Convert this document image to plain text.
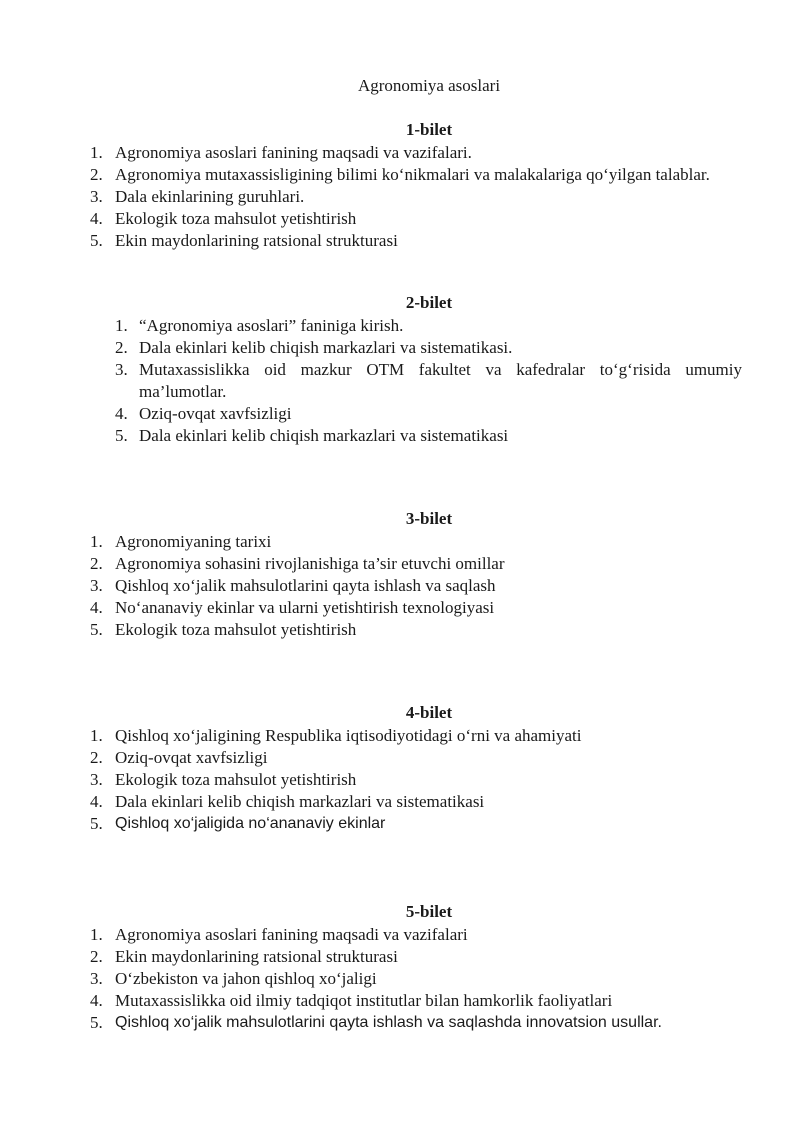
Agronomiya asoslari
1-bilet
1. Agronomiya asoslari fanining maqsadi va vazifalari.
2. Agronomiya mutaxassisligining bilimi ko‘nikmalari va malakalariga qo‘yilgan talablar.
3. Dala ekinlarining guruhlari.
4. Ekologik toza mahsulot yetishtirish
5. Ekin maydonlarining ratsional strukturasi
2-bilet
1. “Agronomiya asoslari” faniniga kirish.
2. Dala ekinlari kelib chiqish markazlari va sistematikasi.
3. Mutaxassislikka oid mazkur OTM fakultet va kafedralar to‘g‘risida umumiy ma’lumotlar.
4. Oziq-ovqat xavfsizligi
5. Dala ekinlari kelib chiqish markazlari va sistematikasi
3-bilet
1. Agronomiyaning tarixi
2. Agronomiya sohasini rivojlanishiga ta’sir etuvchi omillar
3. Qishloq xo‘jalik mahsulotlarini qayta ishlash va saqlash
4. No‘ananaviy ekinlar va ularni yetishtirish texnologiyasi
5. Ekologik toza mahsulot yetishtirish
4-bilet
1. Qishloq xo‘jaligining Respublika iqtisodiyotidagi o‘rni va ahamiyati
2. Oziq-ovqat xavfsizligi
3. Ekologik toza mahsulot yetishtirish
4. Dala ekinlari kelib chiqish markazlari va sistematikasi
5. Qishloq xo‘jaligida no‘ananaviy ekinlar
5-bilet
1. Agronomiya asoslari fanining maqsadi va vazifalari
2. Ekin maydonlarining ratsional strukturasi
3. O‘zbekiston va jahon qishloq xo‘jaligi
4. Mutaxassislikka oid ilmiy tadqiqot institutlar bilan hamkorlik faoliyatlari
5. Qishloq xo‘jalik mahsulotlarini qayta ishlash va saqlashda innovatsion usullar.
